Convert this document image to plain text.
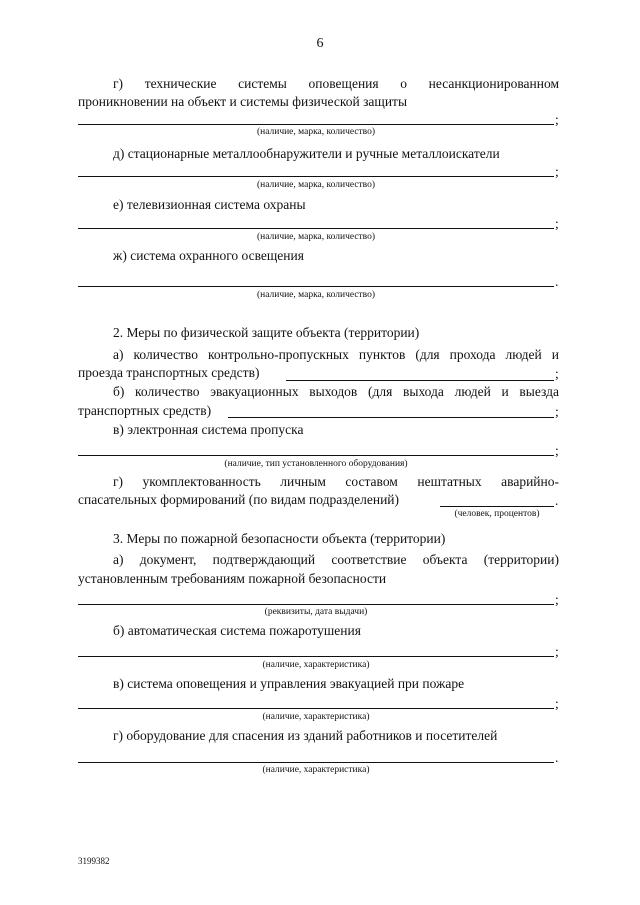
6
г) технические системы оповещения о несанкционированном
проникновении на объект и системы физической защиты
;
(наличие, марка, количество)
д) стационарные металлообнаружители и ручные металлоискатели
;
(наличие, марка, количество)
е) телевизионная система охраны
;
(наличие, марка, количество)
ж) система охранного освещения
.
(наличие, марка, количество)
2. Меры по физической защите объекта (территории)
а) количество контрольно-пропускных пунктов (для прохода людей и
проезда транспортных средств)	;
б) количество эвакуационных выходов (для выхода людей и выезда
транспортных средств)	;
в) электронная система пропуска
;
(наличие, тип установленного оборудования)
г) укомплектованность личным составом нештатных аварийно-
спасательных формирований (по видам подразделений)	.
(человек, процентов)
3. Меры по пожарной безопасности объекта (территории)
а) документ, подтверждающий соответствие объекта (территории)
установленным требованиям пожарной безопасности
;
(реквизиты, дата выдачи)
б) автоматическая система пожаротушения
;
(наличие, характеристика)
в) система оповещения и управления эвакуацией при пожаре
;
(наличие, характеристика)
г) оборудование для спасения из зданий работников и посетителей
.
(наличие, характеристика)
3199382
